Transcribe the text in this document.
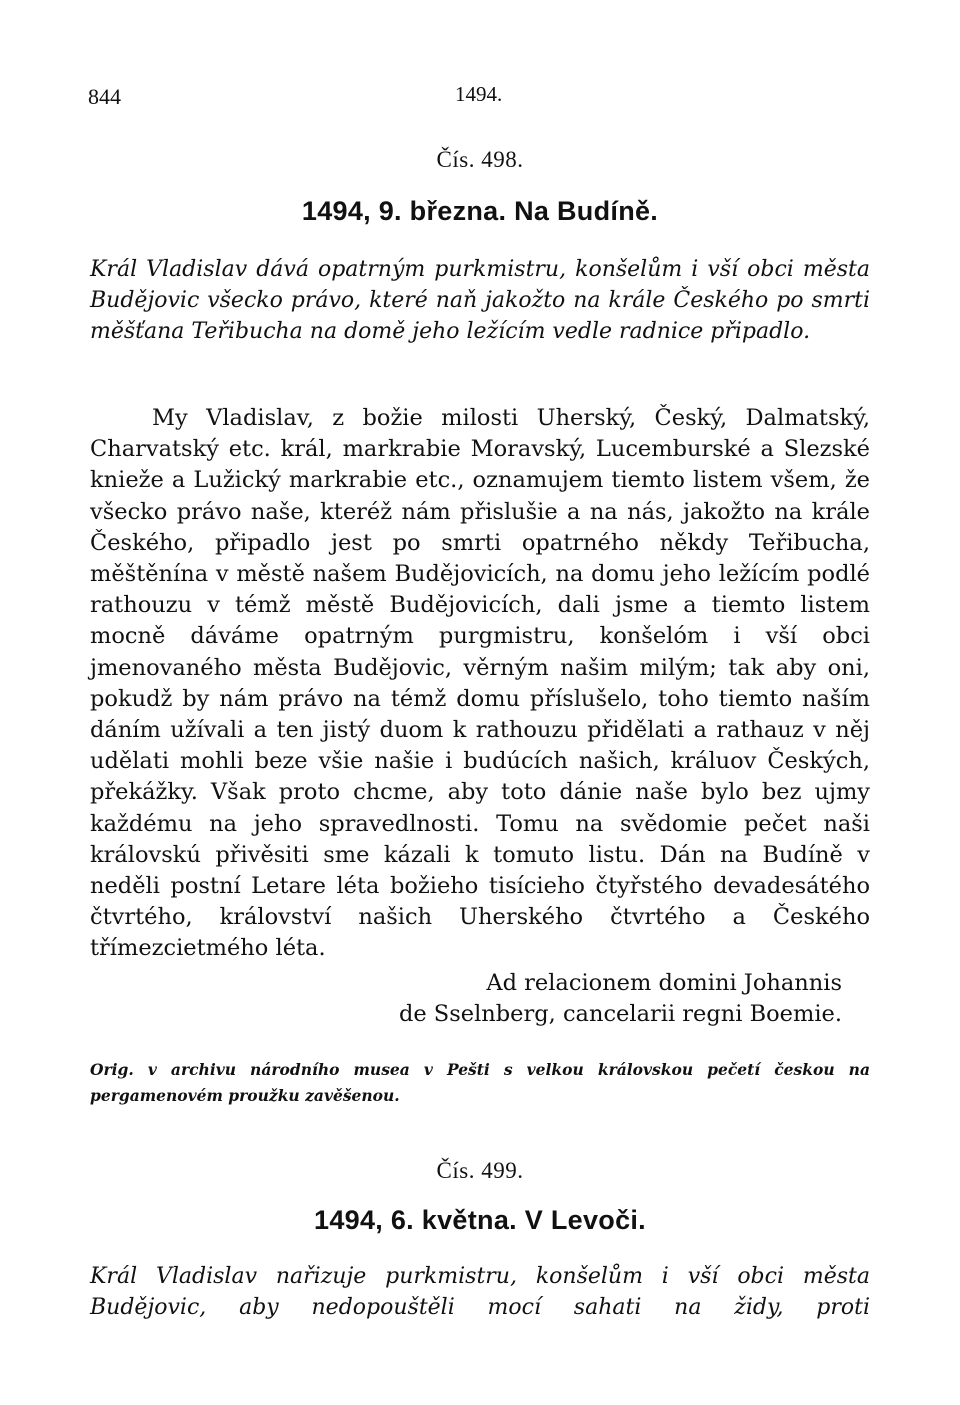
844	1494.
Čís. 498.
1494, 9. března. Na Budíně.

Král Vladislav dává opatrným purkmistru, konšelům i vší obci města Budějovic všecko právo, které naň jakožto na krále Českého po smrti měšťana Teřibucha na domě jeho ležícím vedle radnice připadlo.

My Vladislav, z božie milosti Uherský, Český, Dalmatský, Charvatský etc. král, markrabie Moravský, Lucemburské a Slezské knieže a Lužický markrabie etc., oznamujem tiemto listem všem, že všecko právo naše, kteréž nám přislušie a na nás, jakožto na krále Českého, připadlo jest po smrti opatrného někdy Teřibucha, měštěnína v městě našem Budějovicích, na domu jeho ležícím podlé rathouzu v témž městě Budějovicích, dali jsme a tiemto listem mocně dáváme opatrným purgmistru, konšelóm i vší obci jmenovaného města Budějovic, věrným našim milým; tak aby oni, pokudž by nám právo na témž domu příslušelo, toho tiemto naším dáním užívali a ten jistý duom k rathouzu přidělati a rathauz v něj udělati mohli beze všie našie i budúcích našich, králuov Českých, překážky. Však proto chcme, aby toto dánie naše bylo bez ujmy každému na jeho spravedlnosti. Tomu na svědomie pečet naši královskú přivěsiti sme kázali k tomuto listu. Dán na Budíně v neděli postní Letare léta božieho tisícieho čtyřstého devadesátého čtvrtého, království našich Uherského čtvrtého a Českého třímezcietmého léta.

Ad relacionem domini Johannis
de Sselnberg, cancelarii regni Boemie.

Orig. v archivu národního musea v Pešti s velkou královskou pečetí českou na pergamenovém proužku zavěšenou.

Čís. 499.
1494, 6. května. V Levoči.

Král Vladislav nařizuje purkmistru, konšelům i vší obci města Budějovic, aby nedopouštěli mocí sahati na židy, proti
